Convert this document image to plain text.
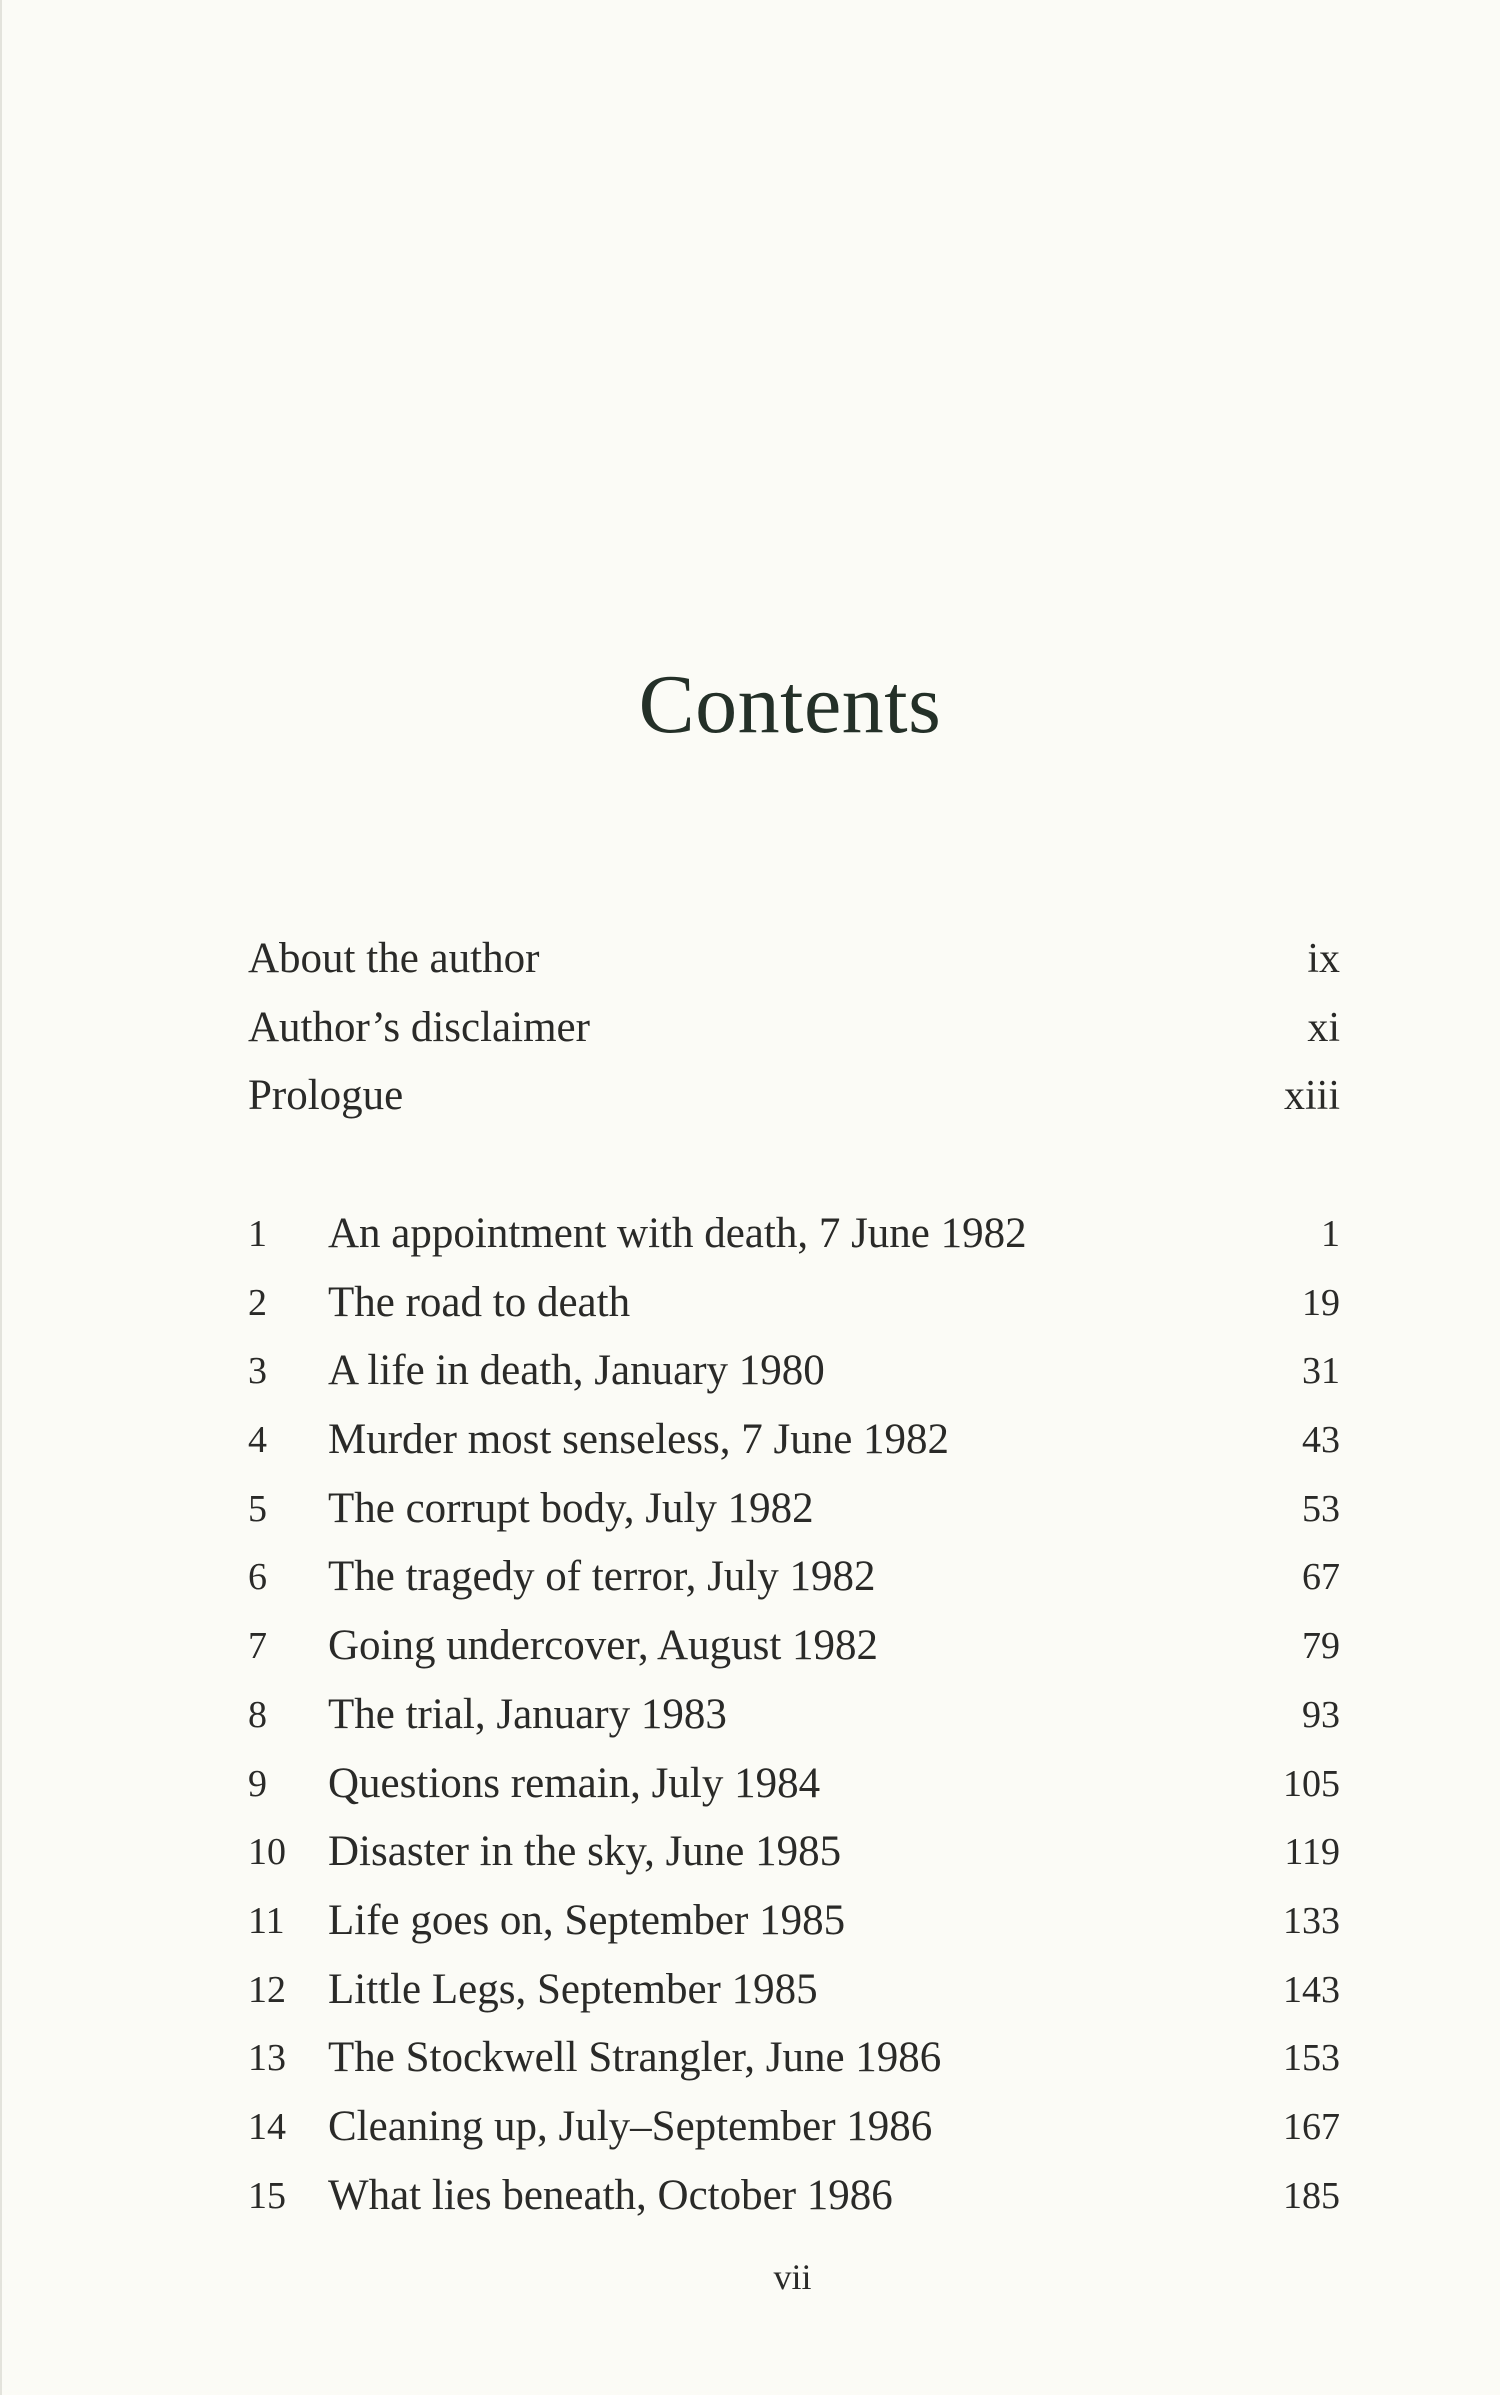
Contents
About the author	ix
Author’s disclaimer	xi
Prologue	xiii
1	An appointment with death, 7 June 1982	1
2	The road to death	19
3	A life in death, January 1980	31
4	Murder most senseless, 7 June 1982	43
5	The corrupt body, July 1982	53
6	The tragedy of terror, July 1982	67
7	Going undercover, August 1982	79
8	The trial, January 1983	93
9	Questions remain, July 1984	105
10 Disaster in the sky, June 1985	119
11	Life goes on, September 1985	133
12 Little Legs, September 1985	143
13 The Stockwell Strangler, June 1986	153
14 Cleaning up, July–September 1986	167
15 What lies beneath, October 1986	185
vii
